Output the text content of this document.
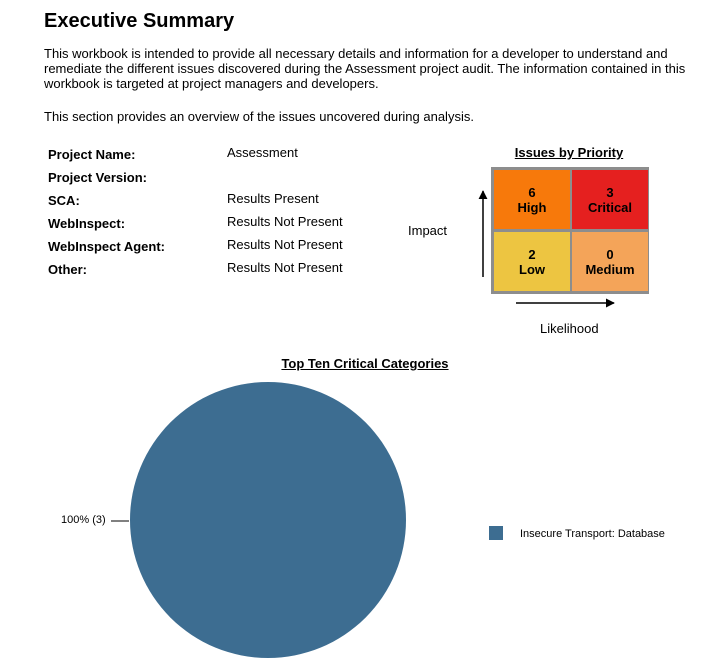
Executive Summary

This workbook is intended to provide all necessary details and information for a developer to understand and remediate the different issues discovered during the Assessment project audit. The information contained in this workbook is targeted at project managers and developers.

This section provides an overview of the issues uncovered during analysis.

Project Name:	Assessment
Project Version:
SCA:	Results Present
WebInspect:	Results Not Present
WebInspect Agent:	Results Not Present
Other:	Results Not Present
Issues by Priority
6
High
3
Critical
2
Low
0
Medium
Impact
Likelihood
Top Ten Critical Categories
100% (3)
Insecure Transport: Database
